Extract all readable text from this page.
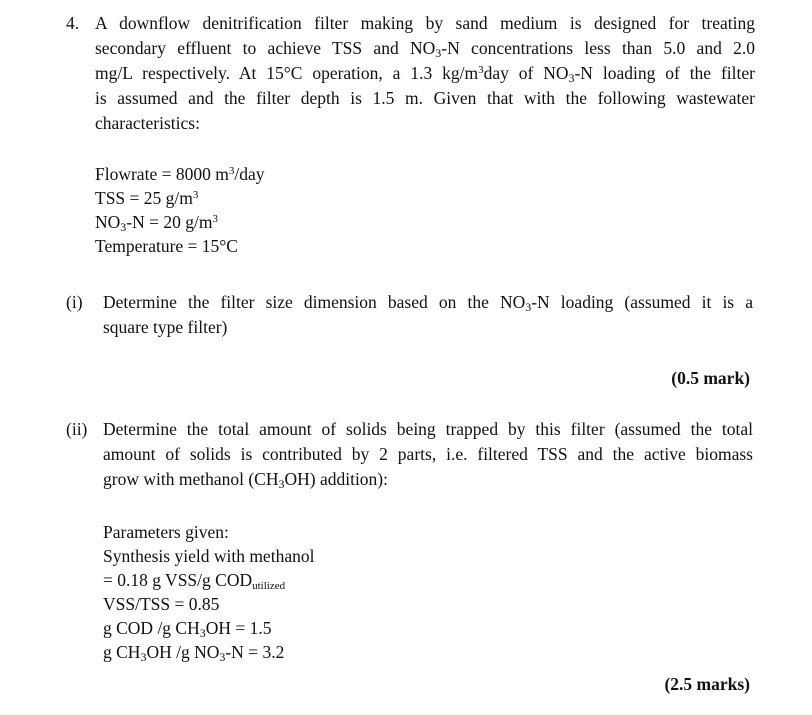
4. A downflow denitrification filter making by sand medium is designed for treating
secondary effluent to achieve TSS and $NO_3-N$ concentrations less than 5.0 and 2.0
mg/L respectively. At 15°C operation, a 1.3 $kg/m^3day$ of $NO_3-N$ loading of the filter
is assumed and the filter depth is 1.5 m. Given that with the following wastewater
characteristics:
Flowrate = 8000 $m^3$/day
TSS = 25 $g/m^3$
$NO_3-N = 20$ $g/m^3$
Temperature = 15°C
(i) Determine the filter size dimension based on the $NO_3-N$ loading (assumed it is a
square type filter)
(0.5 mark)
(ii) Determine the total amount of solids being trapped by this filter (assumed the total
amount of solids is contributed by 2 parts, i.e. filtered TSS and the active biomass
grow with methanol $(CH_3OH)$ addition):
Parameters given:
Synthesis yield with methanol
= 0.18 g VSS/g $COD_{utilized}$
VSS/TSS = 0.85
g COD /g $CH_3OH = 1.5$
g $CH_3OH$ /g $NO_3-N = 3.2$
(2.5 marks)
